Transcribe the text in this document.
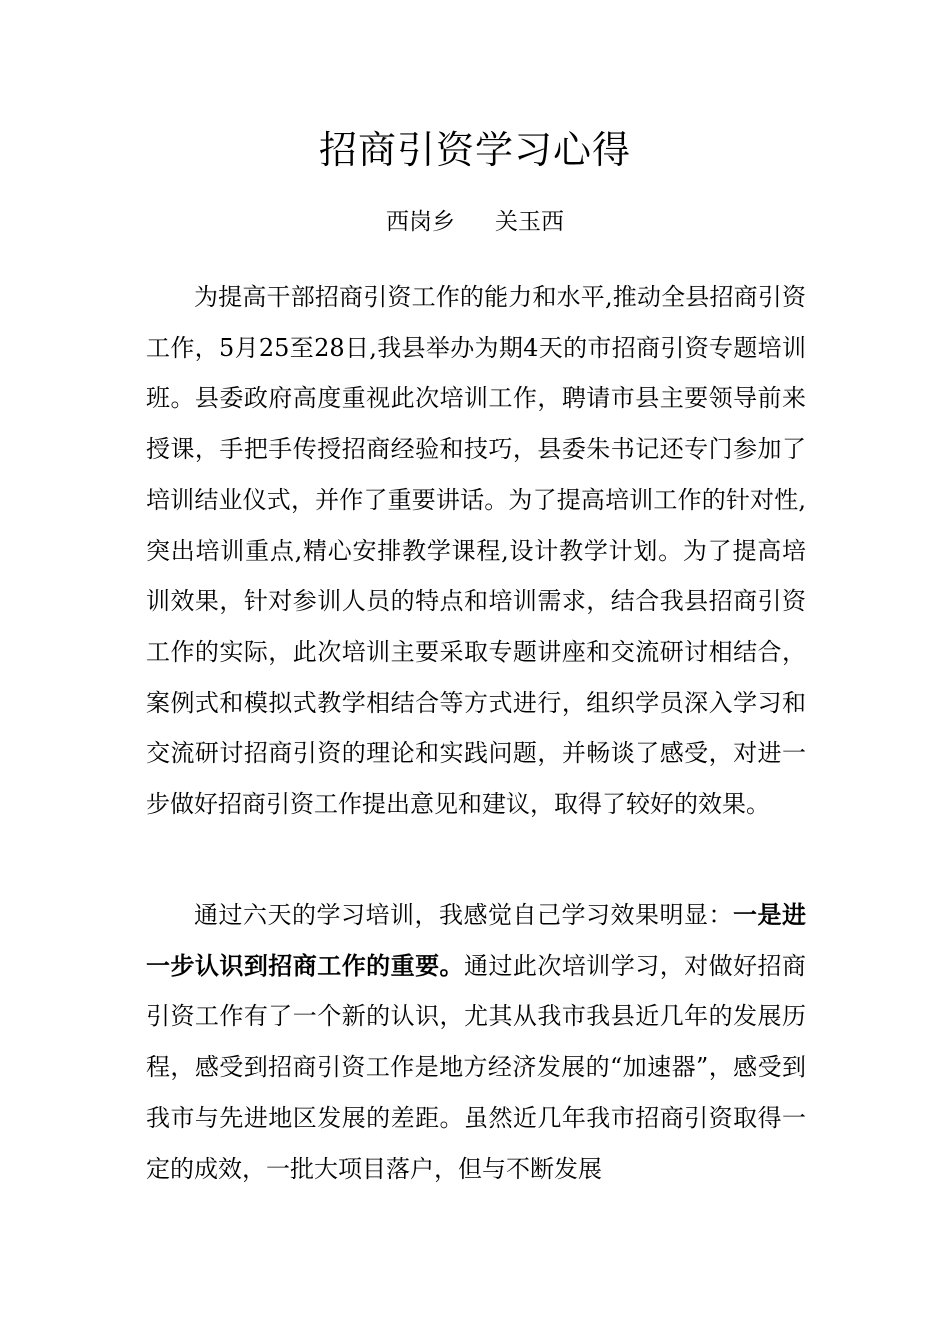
招商引资学习心得
西岗乡 关玉西

为提高干部招商引资工作的能力和水平,推动全县招商引资工作，5月25至28日,我县举办为期4天的市招商引资专题培训班。县委政府高度重视此次培训工作，聘请市县主要领导前来授课，手把手传授招商经验和技巧，县委朱书记还专门参加了培训结业仪式，并作了重要讲话。为了提高培训工作的针对性,突出培训重点,精心安排教学课程,设计教学计划。为了提高培训效果，针对参训人员的特点和培训需求，结合我县招商引资工作的实际，此次培训主要采取专题讲座和交流研讨相结合，案例式和模拟式教学相结合等方式进行，组织学员深入学习和交流研讨招商引资的理论和实践问题，并畅谈了感受，对进一步做好招商引资工作提出意见和建议，取得了较好的效果。

通过六天的学习培训，我感觉自己学习效果明显：一是进一步认识到招商工作的重要。通过此次培训学习，对做好招商引资工作有了一个新的认识，尤其从我市我县近几年的发展历程，感受到招商引资工作是地方经济发展的“加速器”，感受到我市与先进地区发展的差距。虽然近几年我市招商引资取得一定的成效，一批大项目落户，但与不断发展
